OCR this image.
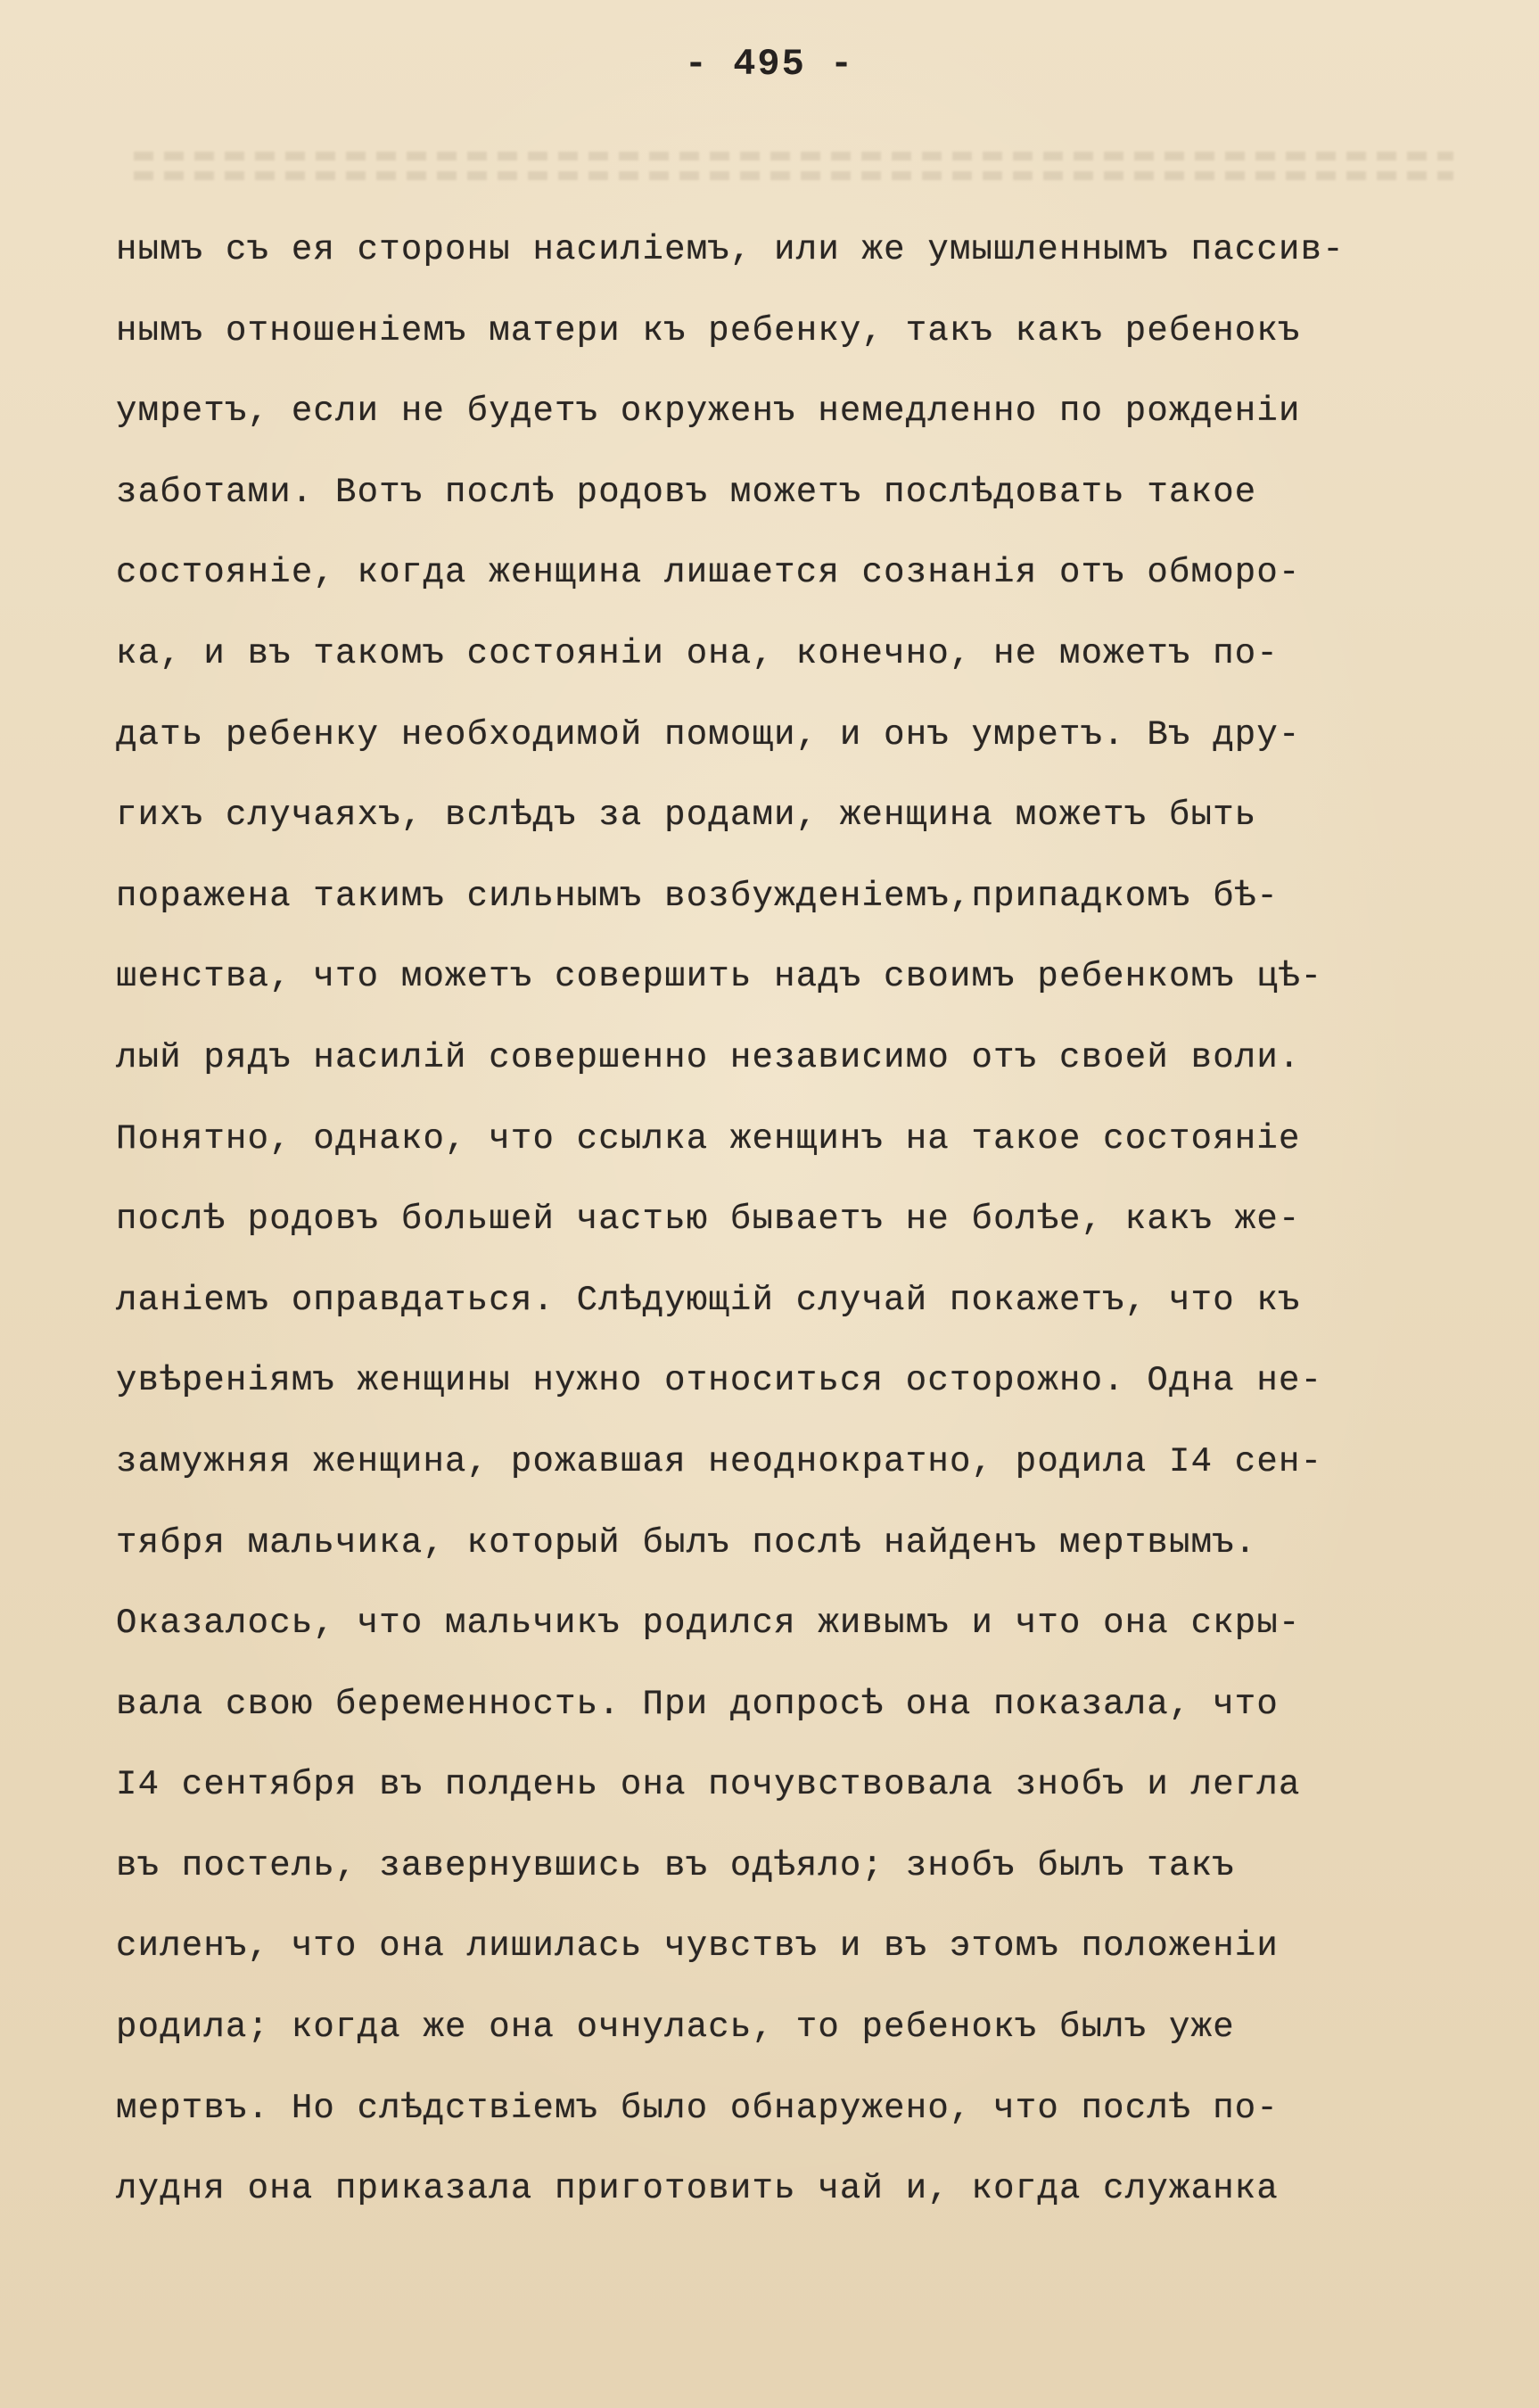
- 495 -
нымъ съ ея стороны насилiемъ, или же умышленнымъ пассив-
нымъ отношенiемъ матери къ ребенку, такъ какъ ребенокъ
умретъ, если не будетъ окруженъ немедленно по рожденiи
заботами. Вотъ послѣ родовъ можетъ послѣдовать такое
состоянiе, когда женщина лишается сознанiя отъ обморо-
ка, и въ такомъ состоянiи она, конечно, не можетъ по-
дать ребенку необходимой помощи, и онъ умретъ. Въ дру-
гихъ случаяхъ, вслѣдъ за родами, женщина можетъ быть
поражена такимъ сильнымъ возбужденiемъ,припадкомъ бѣ-
шенства, что можетъ совершить надъ своимъ ребенкомъ цѣ-
лый рядъ насилiй совершенно независимо отъ своей воли.
Понятно, однако, что ссылка женщинъ на такое состоянiе
послѣ родовъ большей частью бываетъ не болѣе, какъ же-
ланiемъ оправдаться. Слѣдующiй случай покажетъ, что къ
увѣренiямъ женщины нужно относиться осторожно. Одна не-
замужняя женщина, рожавшая неоднократно, родила I4 сен-
тября мальчика, который былъ послѣ найденъ мертвымъ.
Оказалось, что мальчикъ родился живымъ и что она скры-
вала свою беременность. При допросѣ она показала, что
I4 сентября въ полдень она почувствовала знобъ и легла
въ постель, завернувшись въ одѣяло; знобъ былъ такъ
силенъ, что она лишилась чувствъ и въ этомъ положенiи
родила; когда же она очнулась, то ребенокъ былъ уже
мертвъ. Но слѣдствiемъ было обнаружено, что послѣ по-
лудня она приказала приготовить чай и, когда служанка
